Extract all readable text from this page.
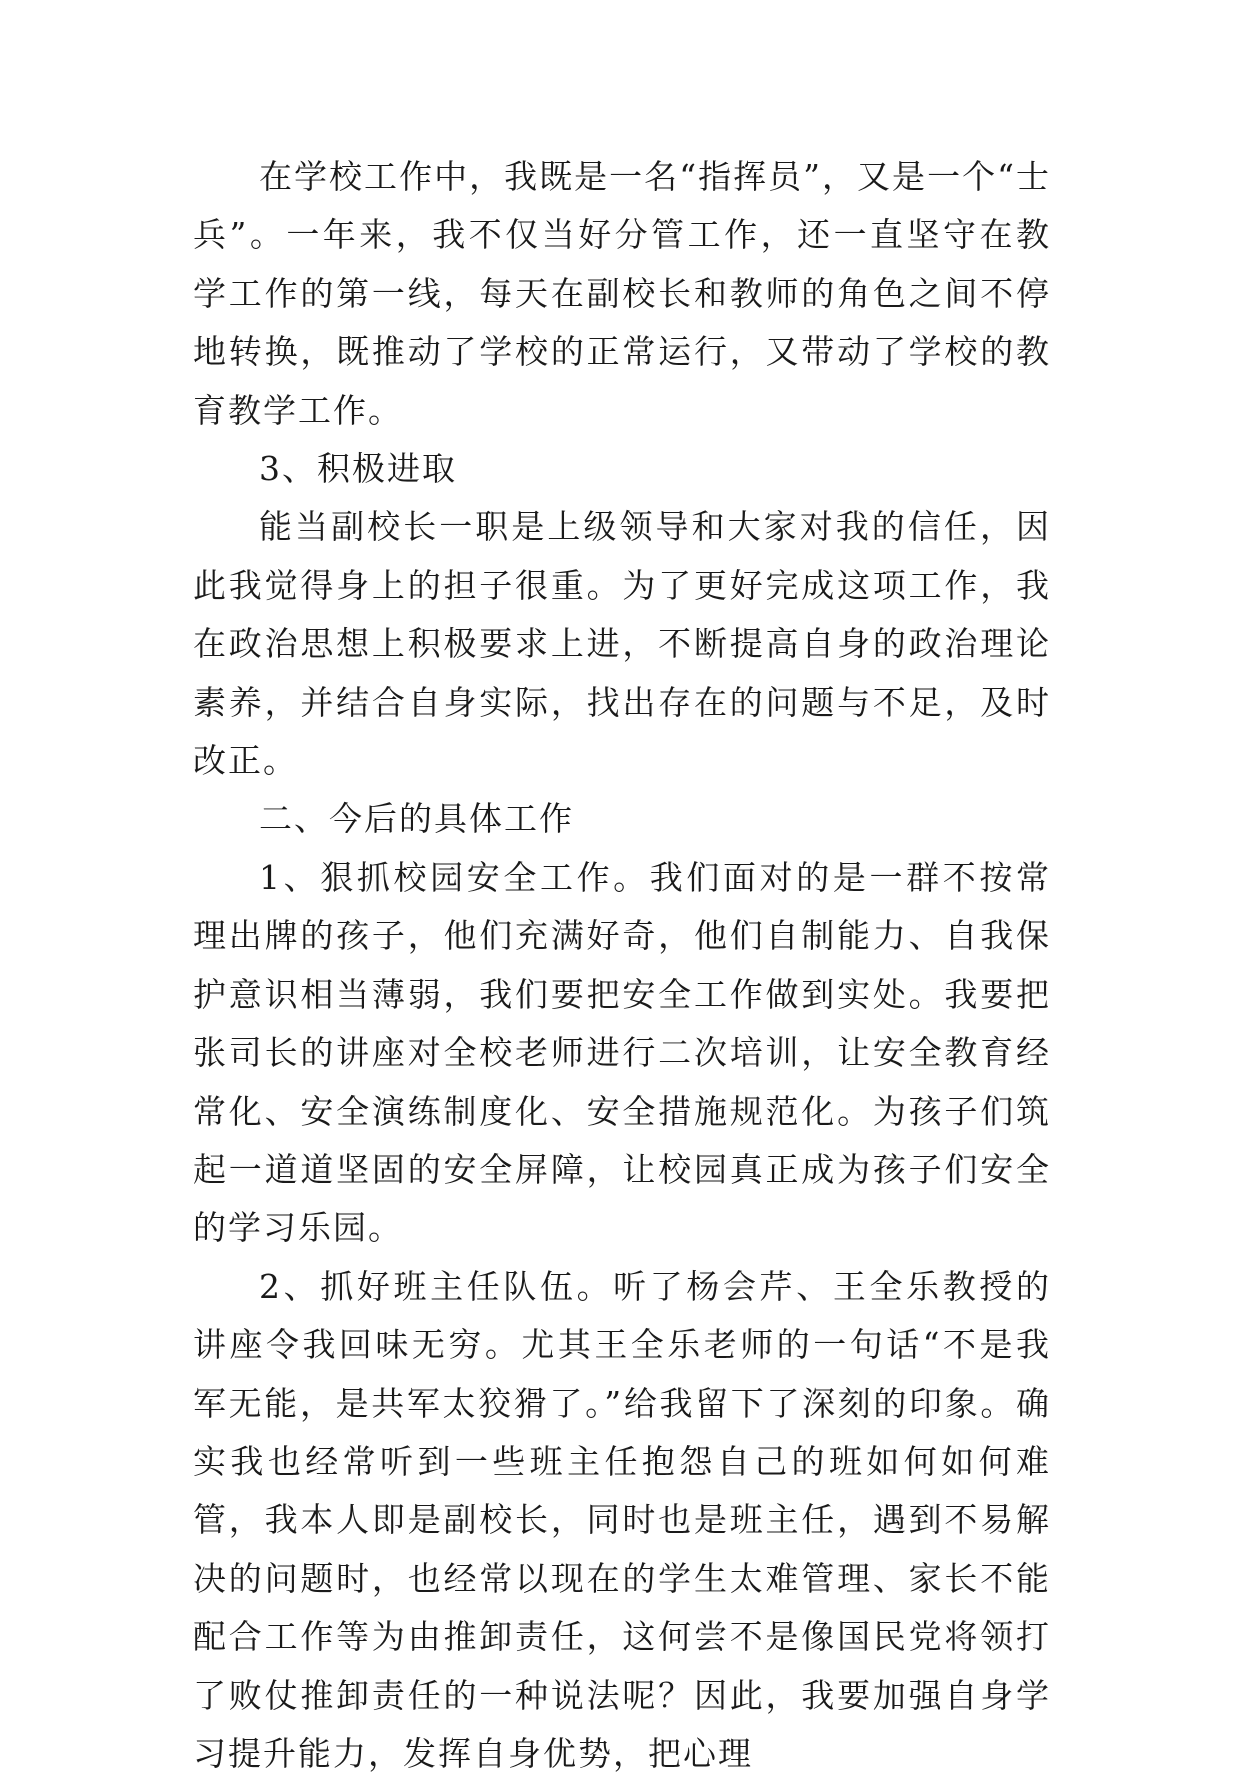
在学校工作中，我既是一名“指挥员”，又是一个“士兵”。一年来，我不仅当好分管工作，还一直坚守在教学工作的第一线，每天在副校长和教师的角色之间不停地转换，既推动了学校的正常运行，又带动了学校的教育教学工作。

3、积极进取

能当副校长一职是上级领导和大家对我的信任，因此我觉得身上的担子很重。为了更好完成这项工作，我在政治思想上积极要求上进，不断提高自身的政治理论素养，并结合自身实际，找出存在的问题与不足，及时改正。

二、今后的具体工作

1、狠抓校园安全工作。我们面对的是一群不按常理出牌的孩子，他们充满好奇，他们自制能力、自我保护意识相当薄弱，我们要把安全工作做到实处。我要把张司长的讲座对全校老师进行二次培训，让安全教育经常化、安全演练制度化、安全措施规范化。为孩子们筑起一道道坚固的安全屏障，让校园真正成为孩子们安全的学习乐园。

2、抓好班主任队伍。听了杨会芹、王全乐教授的讲座令我回味无穷。尤其王全乐老师的一句话“不是我军无能，是共军太狡猾了。”给我留下了深刻的印象。确实我也经常听到一些班主任抱怨自己的班如何如何难管，我本人即是副校长，同时也是班主任，遇到不易解决的问题时，也经常以现在的学生太难管理、家长不能配合工作等为由推卸责任，这何尝不是像国民党将领打了败仗推卸责任的一种说法呢？因此，我要加强自身学习提升能力，发挥自身优势，把心理
